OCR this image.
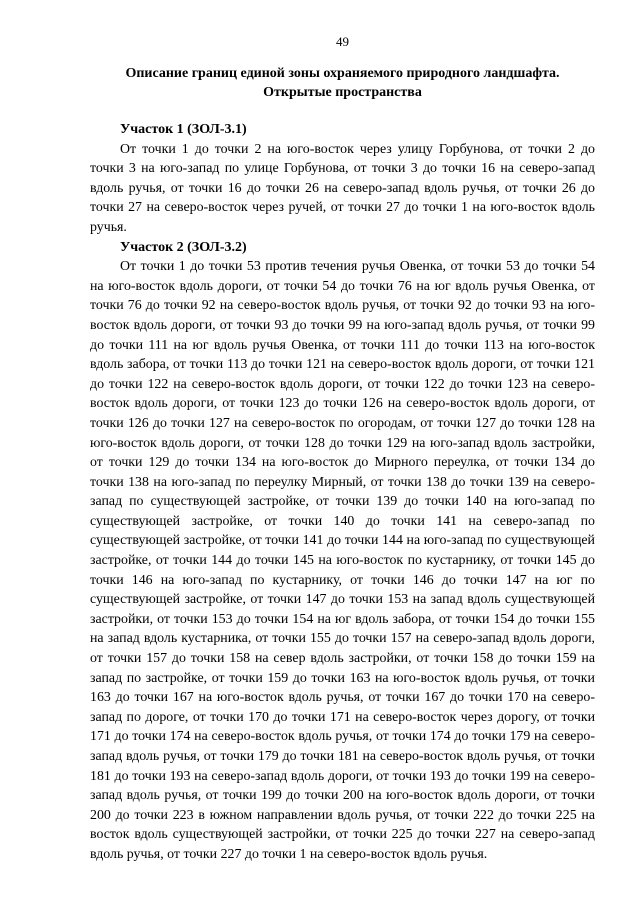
49
Описание границ единой зоны охраняемого природного ландшафта.
Открытые пространства

Участок 1 (ЗОЛ-3.1)

От точки 1 до точки 2 на юго-восток через улицу Горбунова, от точки 2 до точки 3 на юго-запад по улице Горбунова, от точки 3 до точки 16 на северо-запад вдоль ручья, от точки 16 до точки 26 на северо-запад вдоль ручья, от точки 26 до точки 27 на северо-восток через ручей, от точки 27 до точки 1 на юго-восток вдоль ручья.

Участок 2 (ЗОЛ-3.2)

От точки 1 до точки 53 против течения ручья Овенка, от точки 53 до точки 54 на юго-восток вдоль дороги, от точки 54 до точки 76 на юг вдоль ручья Овенка, от точки 76 до точки 92 на северо-восток вдоль ручья, от точки 92 до точки 93 на юго-восток вдоль дороги, от точки 93 до точки 99 на юго-запад вдоль ручья, от точки 99 до точки 111 на юг вдоль ручья Овенка, от точки 111 до точки 113 на юго-восток вдоль забора, от точки 113 до точки 121 на северо-восток вдоль дороги, от точки 121 до точки 122 на северо-восток вдоль дороги, от точки 122 до точки 123 на северо-восток вдоль дороги, от точки 123 до точки 126 на северо-восток вдоль дороги, от точки 126 до точки 127 на северо-восток по огородам, от точки 127 до точки 128 на юго-восток вдоль дороги, от точки 128 до точки 129 на юго-запад вдоль застройки, от точки 129 до точки 134 на юго-восток до Мирного переулка, от точки 134 до точки 138 на юго-запад по переулку Мирный, от точки 138 до точки 139 на северо-запад по существующей застройке, от точки 139 до точки 140 на юго-запад по существующей застройке, от точки 140 до точки 141 на северо-запад по существующей застройке, от точки 141 до точки 144 на юго-запад по существующей застройке, от точки 144 до точки 145 на юго-восток по кустарнику, от точки 145 до точки 146 на юго-запад по кустарнику, от точки 146 до точки 147 на юг по существующей застройке, от точки 147 до точки 153 на запад вдоль существующей застройки, от точки 153 до точки 154 на юг вдоль забора, от точки 154 до точки 155 на запад вдоль кустарника, от точки 155 до точки 157 на северо-запад вдоль дороги, от точки 157 до точки 158 на север вдоль застройки, от точки 158 до точки 159 на запад по застройке, от точки 159 до точки 163 на юго-восток вдоль ручья, от точки 163 до точки 167 на юго-восток вдоль ручья, от точки 167 до точки 170 на северо-запад по дороге, от точки 170 до точки 171 на северо-восток через дорогу, от точки 171 до точки 174 на северо-восток вдоль ручья, от точки 174 до точки 179 на северо-запад вдоль ручья, от точки 179 до точки 181 на северо-восток вдоль ручья, от точки 181 до точки 193 на северо-запад вдоль дороги, от точки 193 до точки 199 на северо-запад вдоль ручья, от точки 199 до точки 200 на юго-восток вдоль дороги, от точки 200 до точки 223 в южном направлении вдоль ручья, от точки 222 до точки 225 на восток вдоль существующей застройки, от точки 225 до точки 227 на северо-запад вдоль ручья, от точки 227 до точки 1 на северо-восток вдоль ручья.
